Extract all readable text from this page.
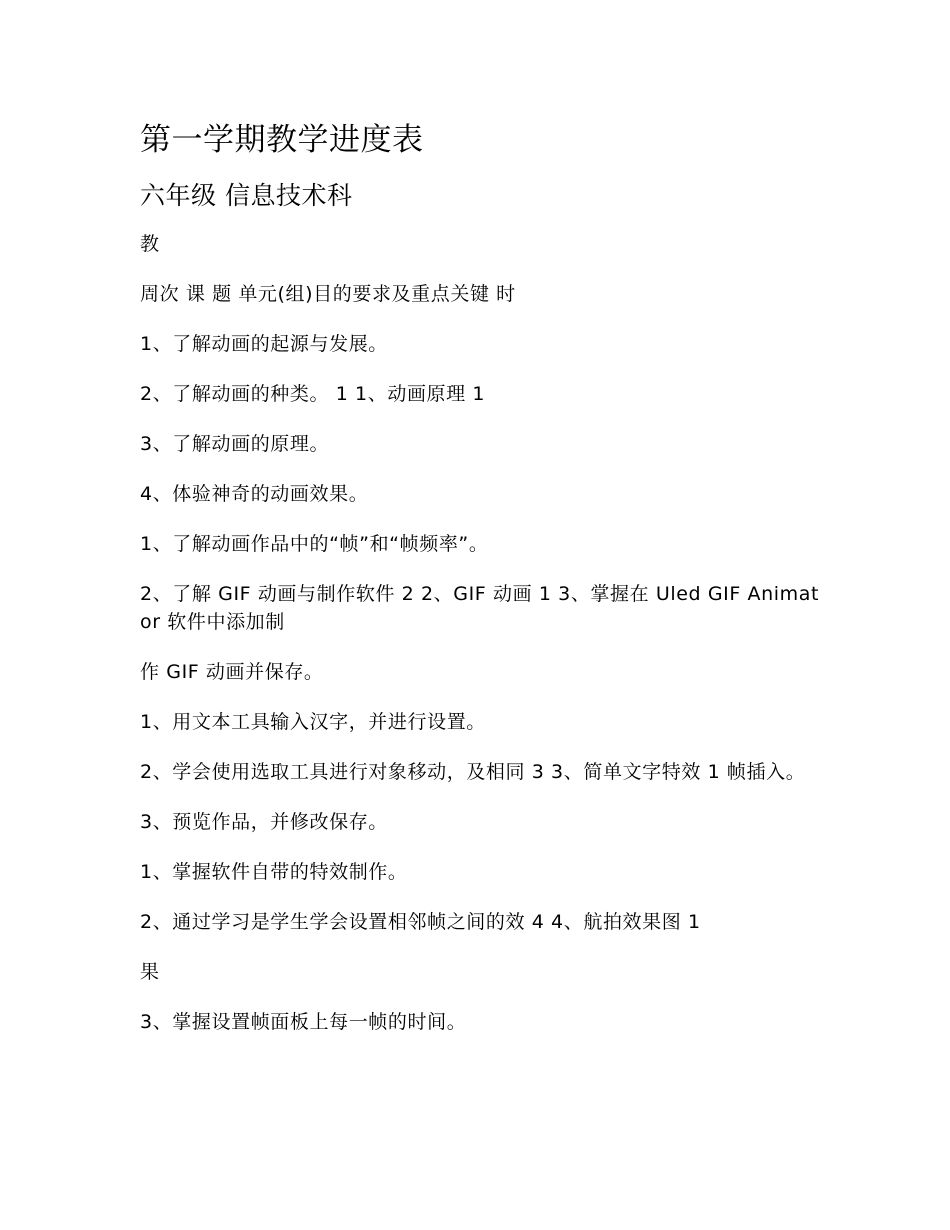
第一学期教学进度表
六年级 信息技术科

教

周次 课 题 单元(组)目的要求及重点关键 时

1、了解动画的起源与发展。

2、了解动画的种类。 1 1、动画原理 1

3、了解动画的原理。

4、体验神奇的动画效果。

1、了解动画作品中的“帧”和“帧频率”。

2、了解 GIF 动画与制作软件 2 2、GIF 动画 1 3、掌握在 Uled GIF Animator 软件中添加制

作 GIF 动画并保存。

1、用文本工具输入汉字，并进行设置。

2、学会使用选取工具进行对象移动，及相同 3 3、简单文字特效 1 帧插入。

3、预览作品，并修改保存。

1、掌握软件自带的特效制作。

2、通过学习是学生学会设置相邻帧之间的效 4 4、航拍效果图 1

果

3、掌握设置帧面板上每一帧的时间。
